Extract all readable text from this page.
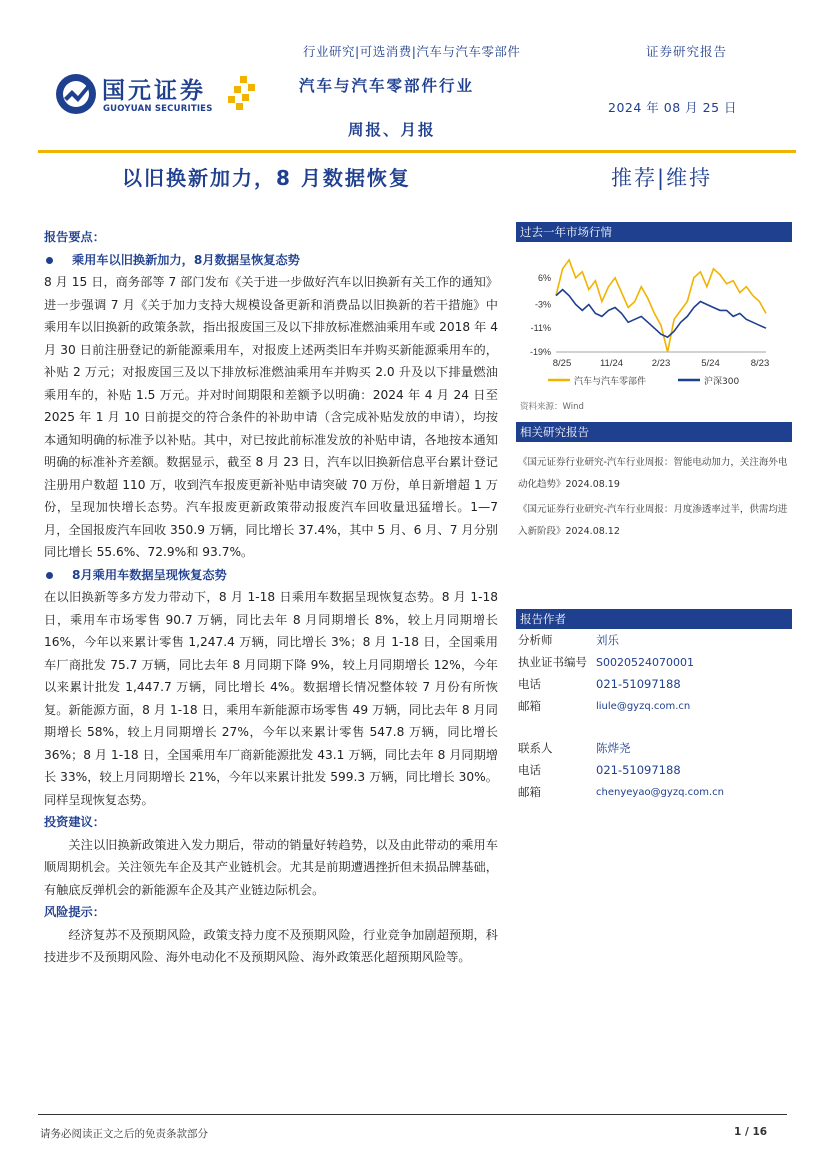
行业研究|可选消费|汽车与汽车零部件	证券研究报告
国元证券
GUOYUAN SECURITIES
汽车与汽车零部件行业
2024 年 08 月 25 日
周报、月报
以旧换新加力，8 月数据恢复	推荐|维持

报告要点：

乘用车以旧换新加力，8月数据呈恢复态势

8 月 15 日，商务部等 7 部门发布《关于进一步做好汽车以旧换新有关工作的通知》进一步强调 7 月《关于加力支持大规模设备更新和消费品以旧换新的若干措施》中乘用车以旧换新的政策条款，指出报废国三及以下排放标准燃油乘用车或 2018 年 4 月 30 日前注册登记的新能源乘用车，对报废上述两类旧车并购买新能源乘用车的，补贴 2 万元；对报废国三及以下排放标准燃油乘用车并购买 2.0 升及以下排量燃油乘用车的，补贴 1.5 万元。并对时间期限和差额予以明确：2024 年 4 月 24 日至 2025 年 1 月 10 日前提交的符合条件的补助申请（含完成补贴发放的申请），均按本通知明确的标准予以补贴。其中，对已按此前标准发放的补贴申请，各地按本通知明确的标准补齐差额。数据显示，截至 8 月 23 日，汽车以旧换新信息平台累计登记注册用户数超 110 万，收到汽车报废更新补贴申请突破 70 万份，单日新增超 1 万份，呈现加快增长态势。汽车报废更新政策带动报废汽车回收量迅猛增长。1—7 月，全国报废汽车回收 350.9 万辆，同比增长 37.4%，其中 5 月、6 月、7 月分别同比增长 55.6%、72.9%和 93.7%。

8月乘用车数据呈现恢复态势

在以旧换新等多方发力带动下，8 月 1-18 日乘用车数据呈现恢复态势。8 月 1-18 日，乘用车市场零售 90.7 万辆，同比去年 8 月同期增长 8%，较上月同期增长 16%，今年以来累计零售 1,247.4 万辆，同比增长 3%；8 月 1-18 日，全国乘用车厂商批发 75.7 万辆，同比去年 8 月同期下降 9%，较上月同期增长 12%，今年以来累计批发 1,447.7 万辆，同比增长 4%。数据增长情况整体较 7 月份有所恢复。新能源方面，8 月 1-18 日，乘用车新能源市场零售 49 万辆，同比去年 8 月同期增长 58%，较上月同期增长 27%，今年以来累计零售 547.8 万辆，同比增长 36%；8 月 1-18 日，全国乘用车厂商新能源批发 43.1 万辆，同比去年 8 月同期增长 33%，较上月同期增长 21%，今年以来累计批发 599.3 万辆，同比增长 30%。同样呈现恢复态势。

投资建议：

关注以旧换新政策进入发力期后，带动的销量好转趋势，以及由此带动的乘用车顺周期机会。关注领先车企及其产业链机会。尤其是前期遭遇挫折但未损品牌基础，有触底反弹机会的新能源车企及其产业链边际机会。

风险提示：

经济复苏不及预期风险，政策支持力度不及预期风险，行业竞争加剧超预期，科技进步不及预期风险、海外电动化不及预期风险、海外政策恶化超预期风险等。

过去一年市场行情
6%
-3%
-11%
-19%
8/25	11/24	2/23	5/24	8/23
汽车与汽车零部件	沪深300
资料来源：Wind
相关研究报告
《国元证券行业研究-汽车行业周报：智能电动加力，关注海外电动化趋势》2024.08.19
《国元证券行业研究-汽车行业周报：月度渗透率过半，供需均进入新阶段》2024.08.12
报告作者
分析师	刘乐
执业证书编号 S0020524070001
电话	021-51097188
邮箱	liule@gyzq.com.cn
联系人	陈烨尧
电话	021-51097188
邮箱	chenyeyao@gyzq.com.cn
请务必阅读正文之后的免责条款部分	1 / 16
